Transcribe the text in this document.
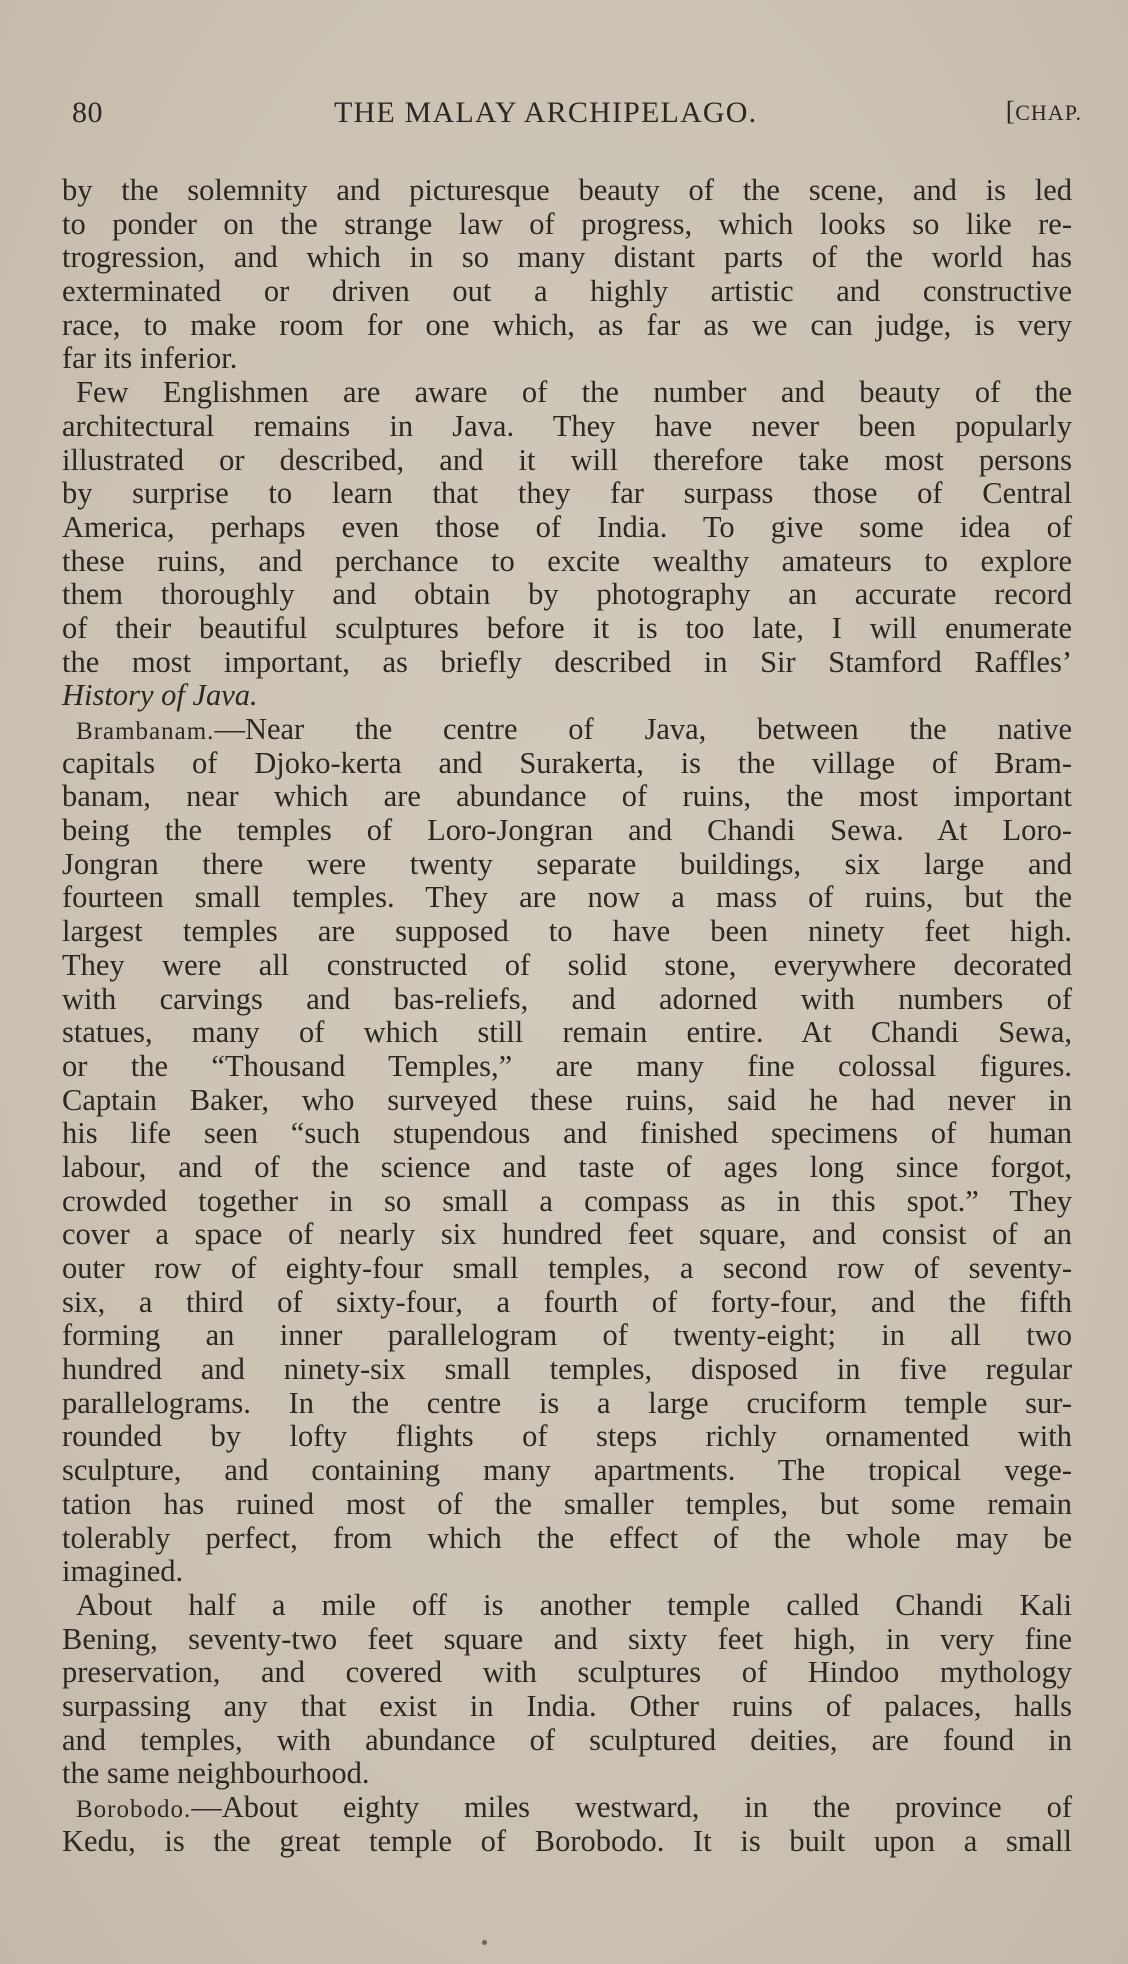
80	THE MALAY ARCHIPELAGO.	[CHAP.
by the solemnity and picturesque beauty of the scene, and is led
to ponder on the strange law of progress, which looks so like re-
trogression, and which in so many distant parts of the world has
exterminated or driven out a highly artistic and constructive
race, to make room for one which, as far as we can judge, is very
far its inferior.
Few Englishmen are aware of the number and beauty of the
architectural remains in Java. They have never been popularly
illustrated or described, and it will therefore take most persons
by surprise to learn that they far surpass those of Central
America, perhaps even those of India. To give some idea of
these ruins, and perchance to excite wealthy amateurs to explore
them thoroughly and obtain by photography an accurate record
of their beautiful sculptures before it is too late, I will enumerate
the most important, as briefly described in Sir Stamford Raffles’
History of Java.
Brambanam.—Near the centre of Java, between the native
capitals of Djoko-kerta and Surakerta, is the village of Bram-
banam, near which are abundance of ruins, the most important
being the temples of Loro-Jongran and Chandi Sewa. At Loro-
Jongran there were twenty separate buildings, six large and
fourteen small temples. They are now a mass of ruins, but the
largest temples are supposed to have been ninety feet high.
They were all constructed of solid stone, everywhere decorated
with carvings and bas-reliefs, and adorned with numbers of
statues, many of which still remain entire. At Chandi Sewa,
or the “Thousand Temples,” are many fine colossal figures.
Captain Baker, who surveyed these ruins, said he had never in
his life seen “such stupendous and finished specimens of human
labour, and of the science and taste of ages long since forgot,
crowded together in so small a compass as in this spot.” They
cover a space of nearly six hundred feet square, and consist of an
outer row of eighty-four small temples, a second row of seventy-
six, a third of sixty-four, a fourth of forty-four, and the fifth
forming an inner parallelogram of twenty-eight; in all two
hundred and ninety-six small temples, disposed in five regular
parallelograms. In the centre is a large cruciform temple sur-
rounded by lofty flights of steps richly ornamented with
sculpture, and containing many apartments. The tropical vege-
tation has ruined most of the smaller temples, but some remain
tolerably perfect, from which the effect of the whole may be
imagined.
About half a mile off is another temple called Chandi Kali
Bening, seventy-two feet square and sixty feet high, in very fine
preservation, and covered with sculptures of Hindoo mythology
surpassing any that exist in India. Other ruins of palaces, halls
and temples, with abundance of sculptured deities, are found in
the same neighbourhood.
Borobodo.—About eighty miles westward, in the province of
Kedu, is the great temple of Borobodo. It is built upon a small
